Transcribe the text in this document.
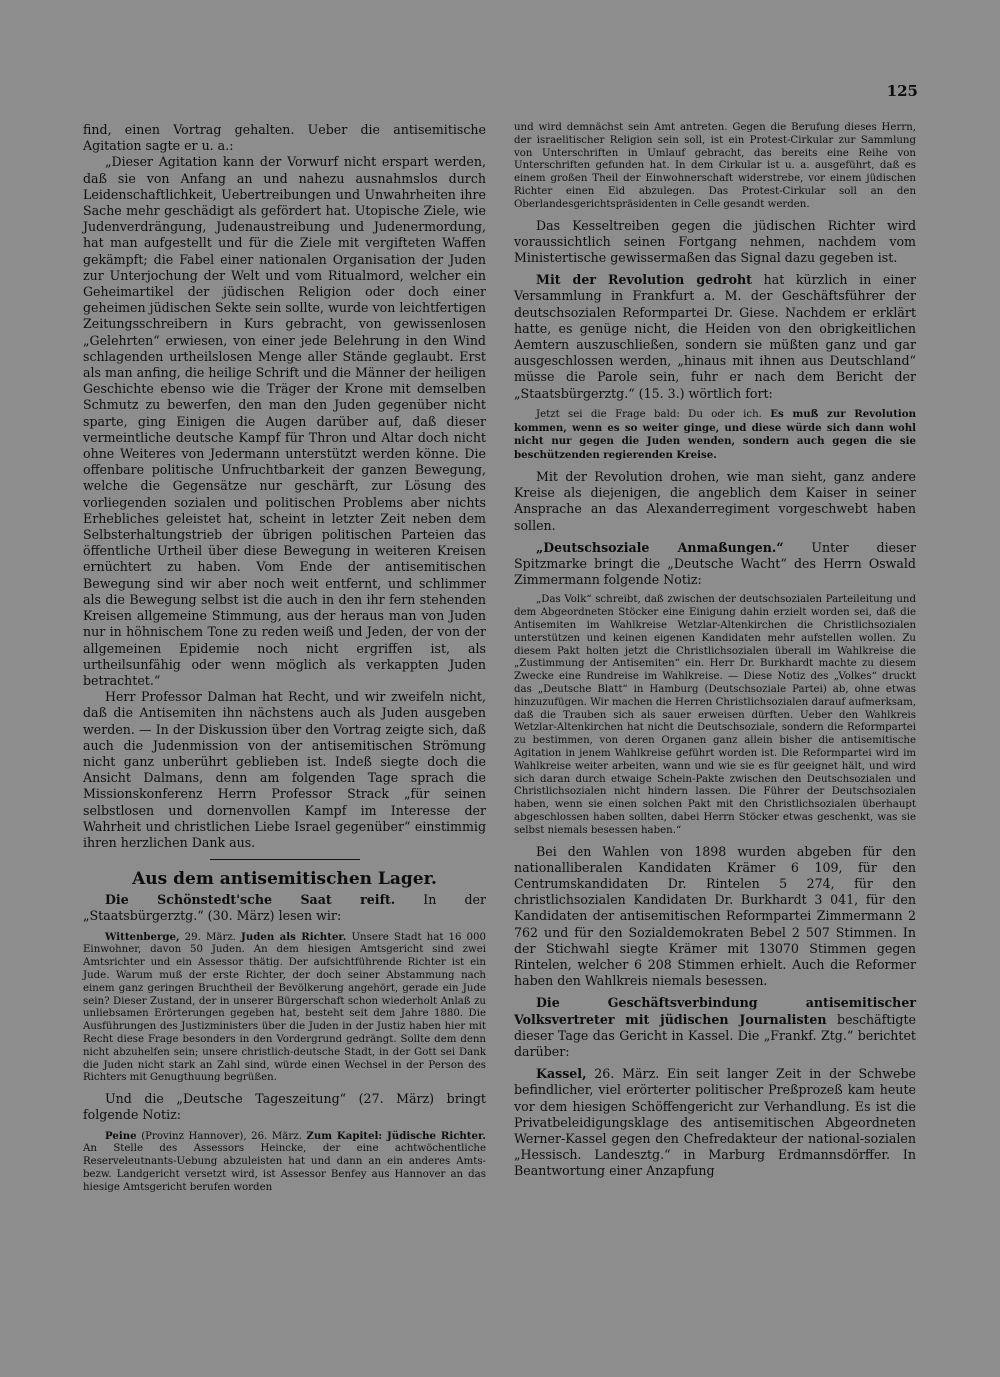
125

find, einen Vortrag gehalten. Ueber die antisemitische Agitation sagte er u. a.:

„Dieser Agitation kann der Vorwurf nicht erspart werden, daß sie von Anfang an und nahezu ausnahmslos durch Leidenschaftlichkeit, Uebertreibungen und Unwahrheiten ihre Sache mehr geschädigt als gefördert hat. Utopische Ziele, wie Judenverdrängung, Judenaustreibung und Judenermordung, hat man aufgestellt und für die Ziele mit vergifteten Waffen gekämpft; die Fabel einer nationalen Organisation der Juden zur Unterjochung der Welt und vom Ritualmord, welcher ein Geheimartikel der jüdischen Religion oder doch einer geheimen jüdischen Sekte sein sollte, wurde von leichtfertigen Zeitungsschreibern in Kurs gebracht, von gewissenlosen „Gelehrten“ erwiesen, von einer jede Belehrung in den Wind schlagenden urtheilslosen Menge aller Stände geglaubt. Erst als man anfing, die heilige Schrift und die Männer der heiligen Geschichte ebenso wie die Träger der Krone mit demselben Schmutz zu bewerfen, den man den Juden gegenüber nicht sparte, ging Einigen die Augen darüber auf, daß dieser vermeintliche deutsche Kampf für Thron und Altar doch nicht ohne Weiteres von Jedermann unterstützt werden könne. Die offenbare politische Unfruchtbarkeit der ganzen Bewegung, welche die Gegensätze nur geschärft, zur Lösung des vorliegenden sozialen und politischen Problems aber nichts Erhebliches geleistet hat, scheint in letzter Zeit neben dem Selbsterhaltungstrieb der übrigen politischen Parteien das öffentliche Urtheil über diese Bewegung in weiteren Kreisen ernüchtert zu haben. Vom Ende der antisemitischen Bewegung sind wir aber noch weit entfernt, und schlimmer als die Bewegung selbst ist die auch in den ihr fern stehenden Kreisen allgemeine Stimmung, aus der heraus man von Juden nur in höhnischem Tone zu reden weiß und Jeden, der von der allgemeinen Epidemie noch nicht ergriffen ist, als urtheilsunfähig oder wenn möglich als verkappten Juden betrachtet.“

Herr Professor Dalman hat Recht, und wir zweifeln nicht, daß die Antisemiten ihn nächstens auch als Juden ausgeben werden. — In der Diskussion über den Vortrag zeigte sich, daß auch die Judenmission von der antisemitischen Strömung nicht ganz unberührt geblieben ist. Indeß siegte doch die Ansicht Dalmans, denn am folgenden Tage sprach die Missionskonferenz Herrn Professor Strack „für seinen selbstlosen und dornenvollen Kampf im Interesse der Wahrheit und christlichen Liebe Israel gegenüber“ einstimmig ihren herzlichen Dank aus.

Aus dem antisemitischen Lager.

Die Schönstedt'sche Saat reift. In der „Staatsbürgerztg.“ (30. März) lesen wir:

Wittenberge, 29. März. Juden als Richter. Unsere Stadt hat 16 000 Einwohner, davon 50 Juden. An dem hiesigen Amtsgericht sind zwei Amtsrichter und ein Assessor thätig. Der aufsichtführende Richter ist ein Jude. Warum muß der erste Richter, der doch seiner Abstammung nach einem ganz geringen Bruchtheil der Bevölkerung angehört, gerade ein Jude sein? Dieser Zustand, der in unserer Bürgerschaft schon wiederholt Anlaß zu unliebsamen Erörterungen gegeben hat, besteht seit dem Jahre 1880. Die Ausführungen des Justizministers über die Juden in der Justiz haben hier mit Recht diese Frage besonders in den Vordergrund gedrängt. Sollte dem denn nicht abzuhelfen sein; unsere christlich-deutsche Stadt, in der Gott sei Dank die Juden nicht stark an Zahl sind, würde einen Wechsel in der Person des Richters mit Genugthuung begrüßen.

Und die „Deutsche Tageszeitung“ (27. März) bringt folgende Notiz:

Peine (Provinz Hannover), 26. März. Zum Kapitel: Jüdische Richter. An Stelle des Assessors Heincke, der eine achtwöchentliche Reserveleutnants-Uebung abzuleisten hat und dann an ein anderes Amts- bezw. Landgericht versetzt wird, ist Assessor Benfey aus Hannover an das hiesige Amtsgericht berufen worden

und wird demnächst sein Amt antreten. Gegen die Berufung dieses Herrn, der israelitischer Religion sein soll, ist ein Protest-Cirkular zur Sammlung von Unterschriften in Umlauf gebracht, das bereits eine Reihe von Unterschriften gefunden hat. In dem Cirkular ist u. a. ausgeführt, daß es einem großen Theil der Einwohnerschaft widerstrebe, vor einem jüdischen Richter einen Eid abzulegen. Das Protest-Cirkular soll an den Oberlandesgerichtspräsidenten in Celle gesandt werden.

Das Kesseltreiben gegen die jüdischen Richter wird voraussichtlich seinen Fortgang nehmen, nachdem vom Ministertische gewissermaßen das Signal dazu gegeben ist.

Mit der Revolution gedroht hat kürzlich in einer Versammlung in Frankfurt a. M. der Geschäftsführer der deutschsozialen Reformpartei Dr. Giese. Nachdem er erklärt hatte, es genüge nicht, die Heiden von den obrigkeitlichen Aemtern auszuschließen, sondern sie müßten ganz und gar ausgeschlossen werden, „hinaus mit ihnen aus Deutschland“ müsse die Parole sein, fuhr er nach dem Bericht der „Staatsbürgerztg.“ (15. 3.) wörtlich fort:

Jetzt sei die Frage bald: Du oder ich. Es muß zur Revolution kommen, wenn es so weiter ginge, und diese würde sich dann wohl nicht nur gegen die Juden wenden, sondern auch gegen die sie beschützenden regierenden Kreise.

Mit der Revolution drohen, wie man sieht, ganz andere Kreise als diejenigen, die angeblich dem Kaiser in seiner Ansprache an das Alexanderregiment vorgeschwebt haben sollen.

„Deutschsoziale Anmaßungen.“ Unter dieser Spitzmarke bringt die „Deutsche Wacht“ des Herrn Oswald Zimmermann folgende Notiz:

„Das Volk“ schreibt, daß zwischen der deutschsozialen Parteileitung und dem Abgeordneten Stöcker eine Einigung dahin erzielt worden sei, daß die Antisemiten im Wahlkreise Wetzlar-Altenkirchen die Christlichsozialen unterstützen und keinen eigenen Kandidaten mehr aufstellen wollen. Zu diesem Pakt holten jetzt die Christlichsozialen überall im Wahlkreise die „Zustimmung der Antisemiten“ ein. Herr Dr. Burkhardt machte zu diesem Zwecke eine Rundreise im Wahlkreise. — Diese Notiz des „Volkes“ druckt das „Deutsche Blatt“ in Hamburg (Deutschsoziale Partei) ab, ohne etwas hinzuzufügen. Wir machen die Herren Christlichsozialen darauf aufmerksam, daß die Trauben sich als sauer erweisen dürften. Ueber den Wahlkreis Wetzlar-Altenkirchen hat nicht die Deutschsoziale, sondern die Reformpartei zu bestimmen, von deren Organen ganz allein bisher die antisemitische Agitation in jenem Wahlkreise geführt worden ist. Die Reformpartei wird im Wahlkreise weiter arbeiten, wann und wie sie es für geeignet hält, und wird sich daran durch etwaige Schein-Pakte zwischen den Deutschsozialen und Christlichsozialen nicht hindern lassen. Die Führer der Deutschsozialen haben, wenn sie einen solchen Pakt mit den Christlichsozialen überhaupt abgeschlossen haben sollten, dabei Herrn Stöcker etwas geschenkt, was sie selbst niemals besessen haben.“

Bei den Wahlen von 1898 wurden abgeben für den nationalliberalen Kandidaten Krämer 6 109, für den Centrumskandidaten Dr. Rintelen 5 274, für den christlichsozialen Kandidaten Dr. Burkhardt 3 041, für den Kandidaten der antisemitischen Reformpartei Zimmermann 2 762 und für den Sozialdemokraten Bebel 2 507 Stimmen. In der Stichwahl siegte Krämer mit 13070 Stimmen gegen Rintelen, welcher 6 208 Stimmen erhielt. Auch die Reformer haben den Wahlkreis niemals besessen.

Die Geschäftsverbindung antisemitischer Volksvertreter mit jüdischen Journalisten beschäftigte dieser Tage das Gericht in Kassel. Die „Frankf. Ztg.“ berichtet darüber:

Kassel, 26. März. Ein seit langer Zeit in der Schwebe befindlicher, viel erörterter politischer Preßprozeß kam heute vor dem hiesigen Schöffengericht zur Verhandlung. Es ist die Privatbeleidigungsklage des antisemitischen Abgeordneten Werner-Kassel gegen den Chefredakteur der national-sozialen „Hessisch. Landesztg.“ in Marburg Erdmannsdörffer. In Beantwortung einer Anzapfung
